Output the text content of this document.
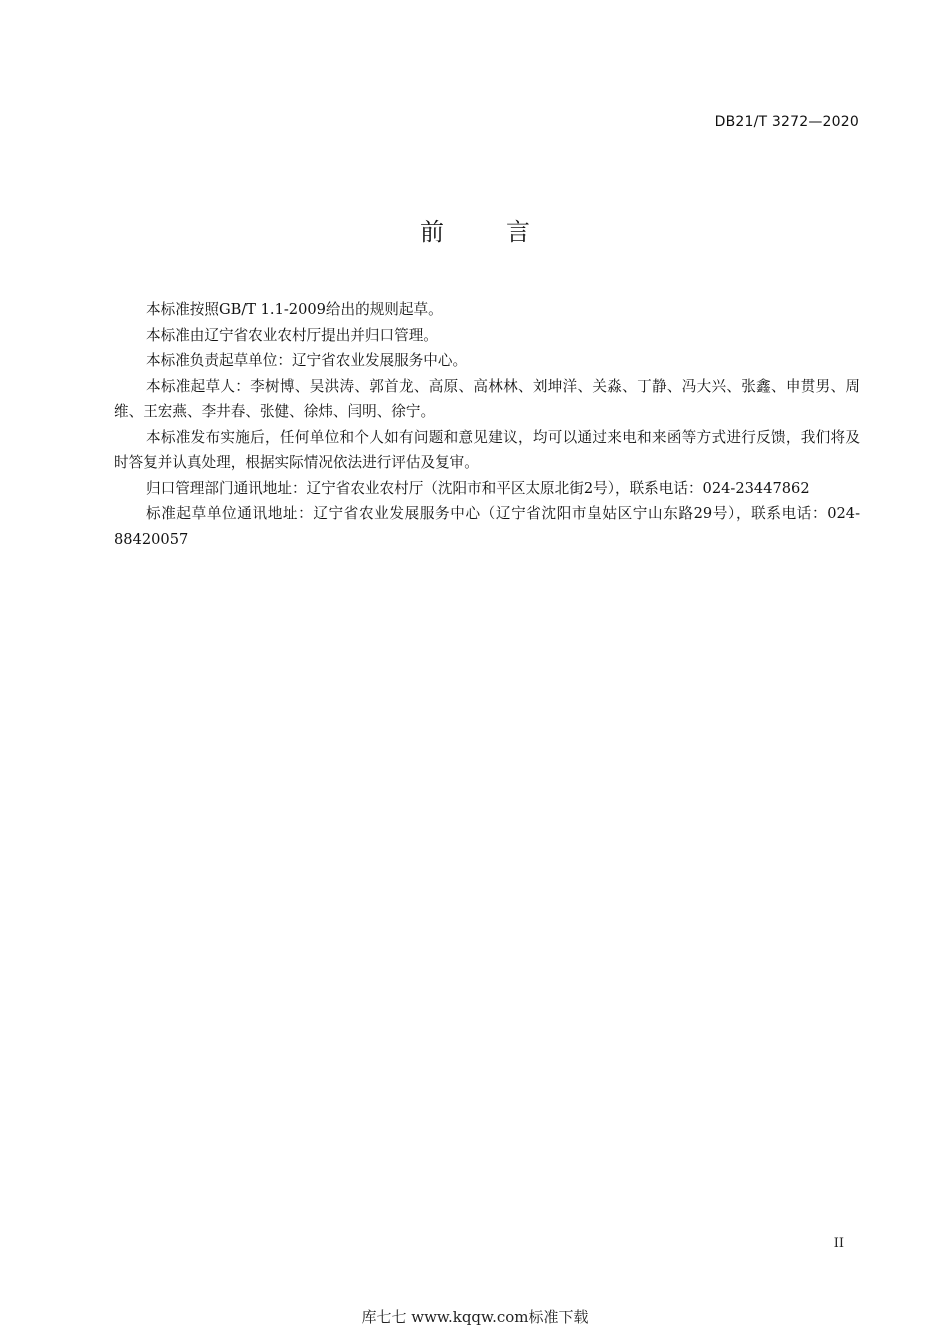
DB21/T 3272—2020
前	言

本标准按照GB/T 1.1-2009给出的规则起草。

本标准由辽宁省农业农村厅提出并归口管理。

本标准负责起草单位：辽宁省农业发展服务中心。

本标准起草人：李树博、吴洪涛、郭首龙、高原、高林林、刘坤洋、关淼、丁静、冯大兴、张鑫、申贯男、周维、王宏燕、李井春、张健、徐炜、闫明、徐宁。

本标准发布实施后，任何单位和个人如有问题和意见建议，均可以通过来电和来函等方式进行反馈，我们将及时答复并认真处理，根据实际情况依法进行评估及复审。

归口管理部门通讯地址：辽宁省农业农村厅（沈阳市和平区太原北街2号），联系电话：024-23447862

标准起草单位通讯地址：辽宁省农业发展服务中心（辽宁省沈阳市皇姑区宁山东路29号），联系电话：024-88420057

II
库七七 www.kqqw.com标准下载
